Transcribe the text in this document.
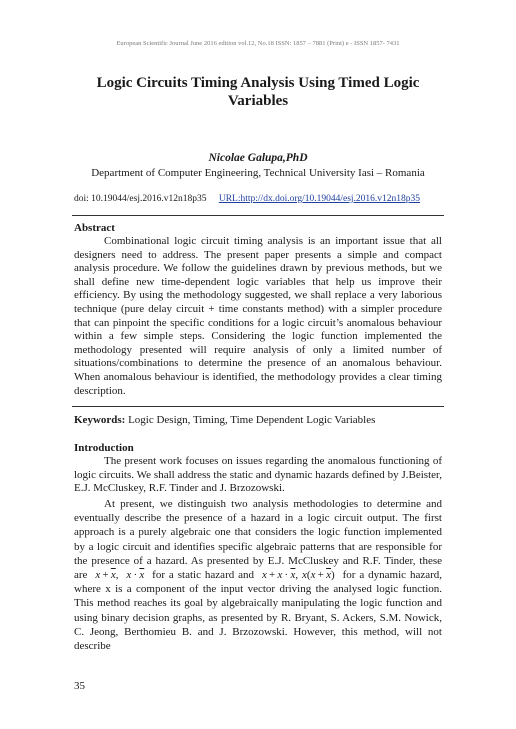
European Scientific Journal June 2016 edition vol.12, No.18 ISSN: 1857 – 7881 (Print) e - ISSN 1857- 7431
Logic Circuits Timing Analysis Using Timed Logic Variables
Nicolae Galupa,PhD
Department of Computer Engineering, Technical University Iasi – Romania
doi: 10.19044/esj.2016.v12n18p35 URL:http://dx.doi.org/10.19044/esj.2016.v12n18p35
Abstract
Combinational logic circuit timing analysis is an important issue that all designers need to address. The present paper presents a simple and compact analysis procedure. We follow the guidelines drawn by previous methods, but we shall define new time-dependent logic variables that help us improve their efficiency. By using the methodology suggested, we shall replace a very laborious technique (pure delay circuit + time constants method) with a simpler procedure that can pinpoint the specific conditions for a logic circuit’s anomalous behaviour within a few simple steps. Considering the logic function implemented the methodology presented will require analysis of only a limited number of situations/combinations to determine the presence of an anomalous behaviour. When anomalous behaviour is identified, the methodology provides a clear timing description.
Keywords: Logic Design, Timing, Time Dependent Logic Variables
Introduction
The present work focuses on issues regarding the anomalous functioning of logic circuits. We shall address the static and dynamic hazards defined by J.Beister, E.J. McCluskey, R.F. Tinder and J. Brzozowski.
At present, we distinguish two analysis methodologies to determine and eventually describe the presence of a hazard in a logic circuit output. The first approach is a purely algebraic one that considers the logic function implemented by a logic circuit and identifies specific algebraic patterns that are responsible for the presence of a hazard. As presented by E.J. McCluskey and R.F. Tinder, these are $x + \overline{x}$,  $x \cdot \overline{x}$ for a static hazard and $x + x \cdot \overline{x}$, $x(x + \overline{x})$  for a dynamic hazard, where x is a component of the input vector driving the analysed logic function. This method reaches its goal by algebraically manipulating the logic function and using binary decision graphs, as presented by R. Bryant, S. Ackers, S.M. Nowick, C. Jeong, Berthomieu B. and J. Brzozowski. However, this method, will not describe
35
